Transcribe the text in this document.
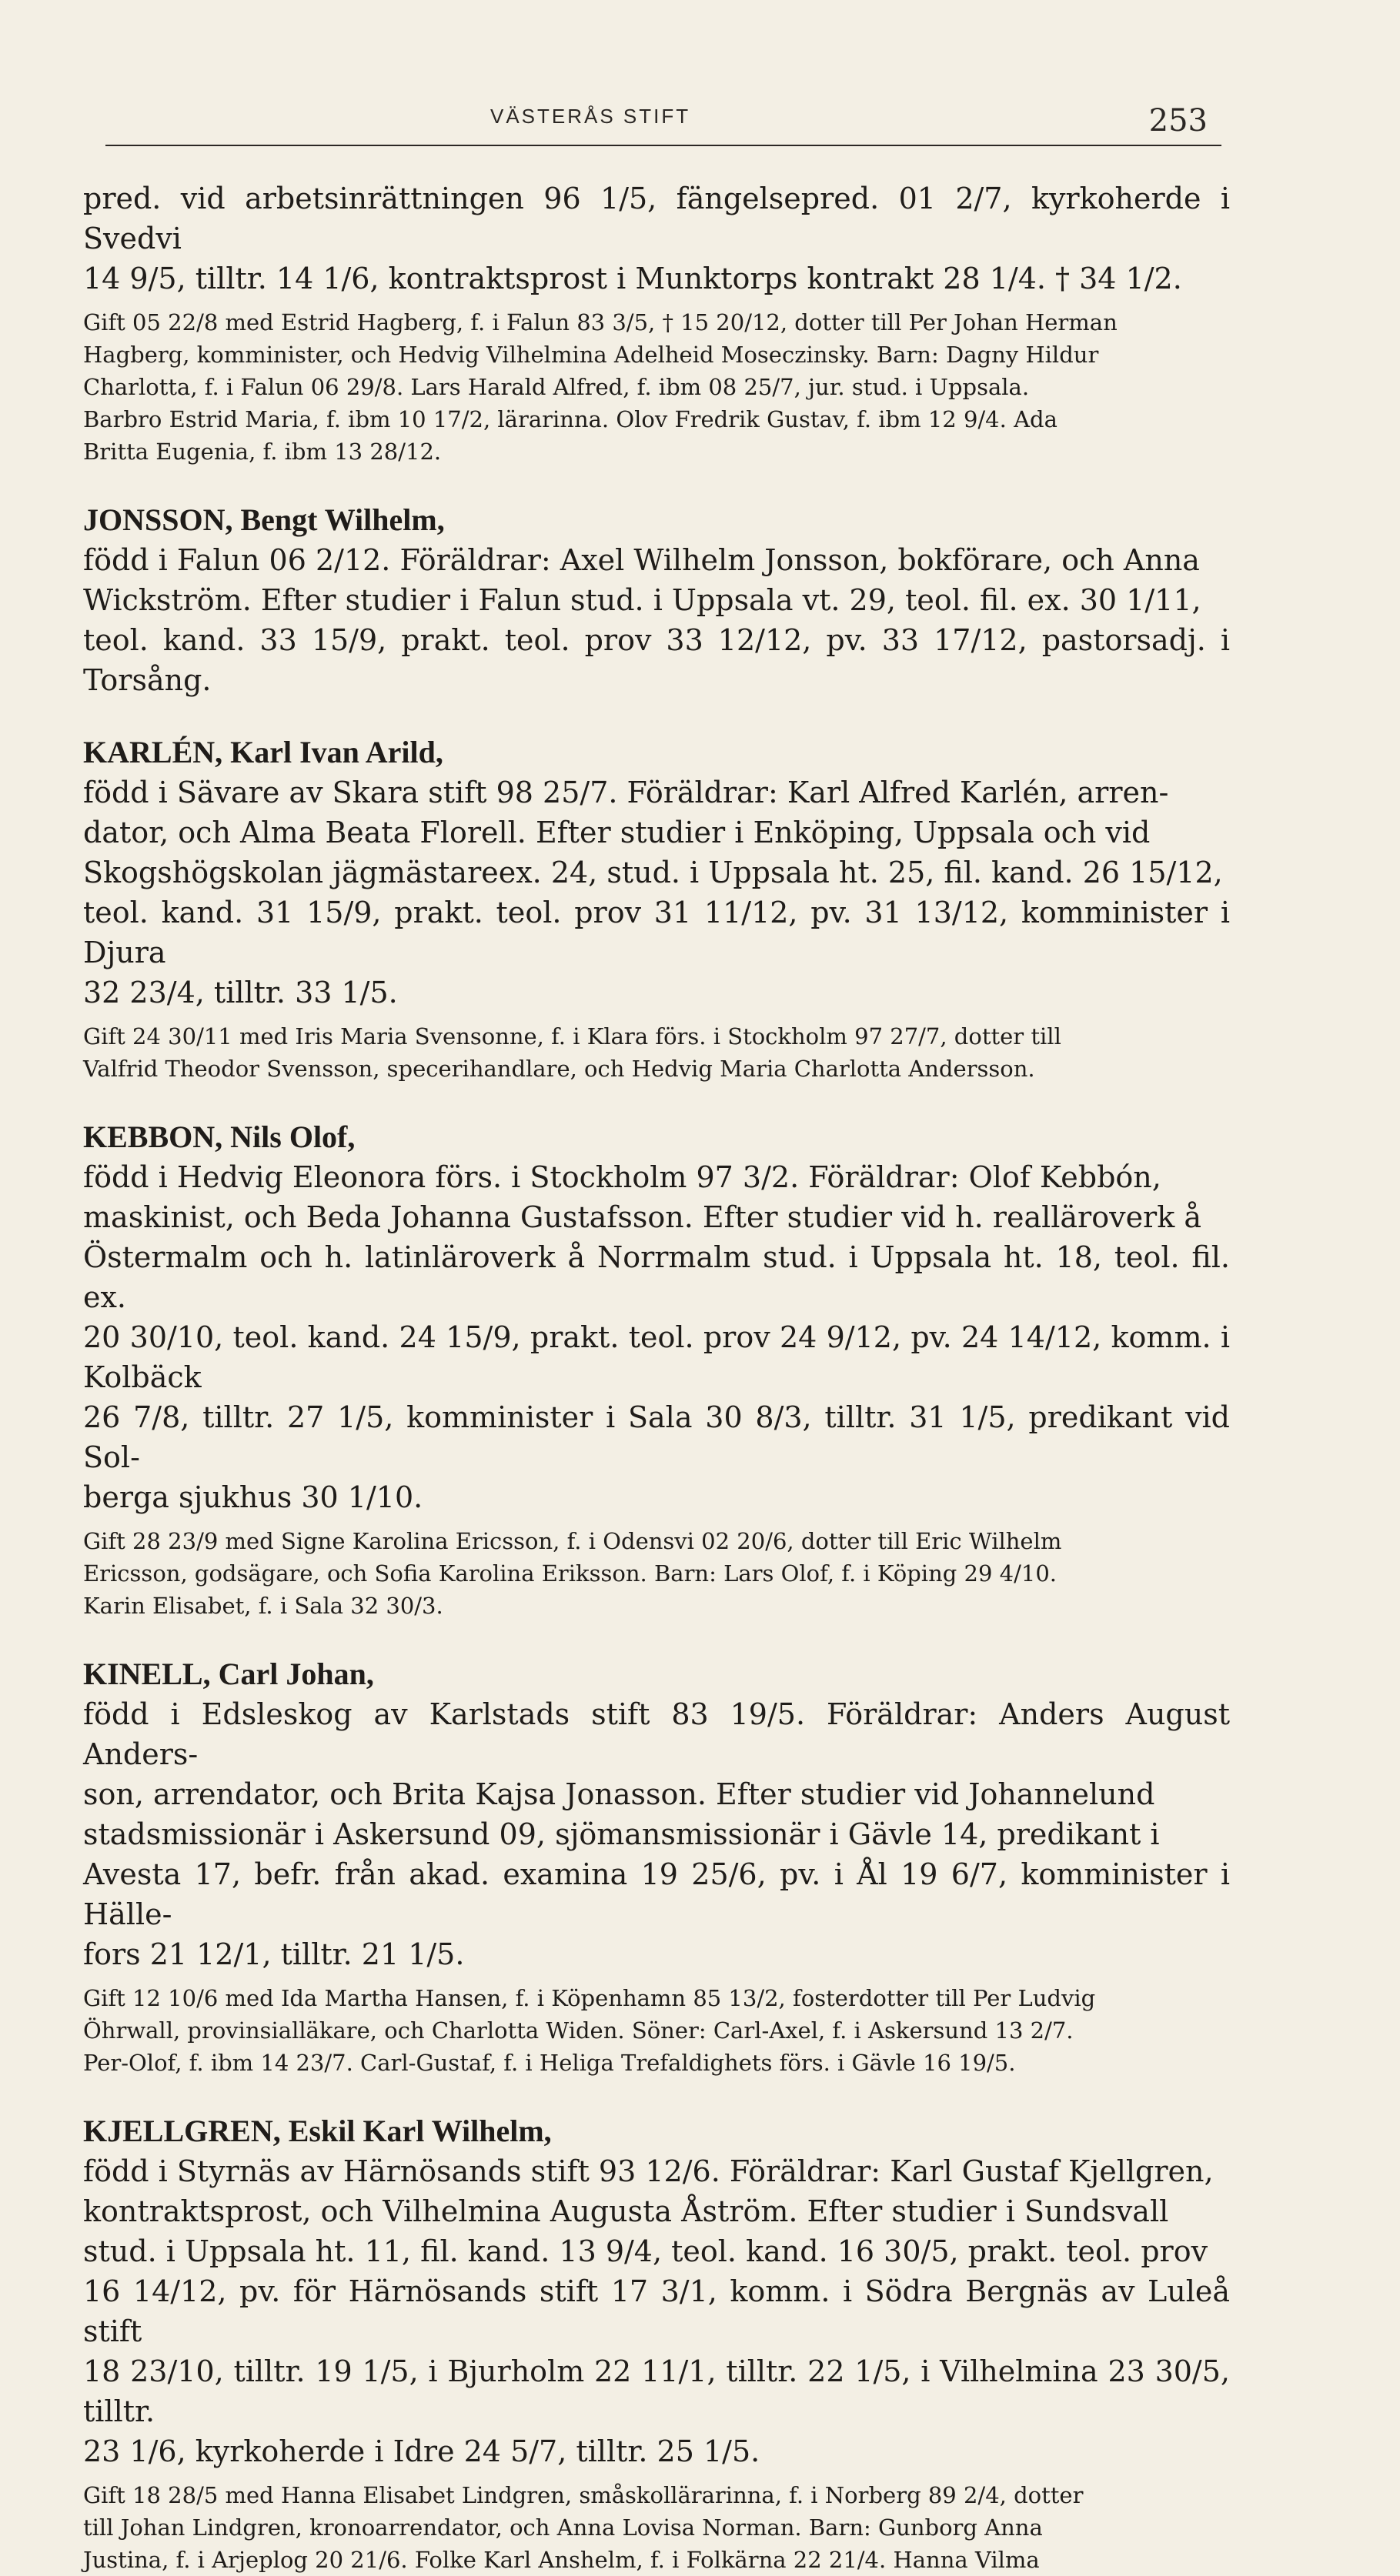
VÄSTERÅS STIFT	253

pred. vid arbetsinrättningen 96 1/5, fängelsepred. 01 2/7, kyrkoherde i Svedvi
14 9/5, tilltr. 14 1/6, kontraktsprost i Munktorps kontrakt 28 1/4. † 34 1/2.

Gift 05 22/8 med Estrid Hagberg, f. i Falun 83 3/5, † 15 20/12, dotter till Per Johan Herman
Hagberg, komminister, och Hedvig Vilhelmina Adelheid Moseczinsky. Barn: Dagny Hildur
Charlotta, f. i Falun 06 29/8. Lars Harald Alfred, f. ibm 08 25/7, jur. stud. i Uppsala.
Barbro Estrid Maria, f. ibm 10 17/2, lärarinna. Olov Fredrik Gustav, f. ibm 12 9/4. Ada
Britta Eugenia, f. ibm 13 28/12.

JONSSON, Bengt Wilhelm,

född i Falun 06 2/12. Föräldrar: Axel Wilhelm Jonsson, bokförare, och Anna
Wickström. Efter studier i Falun stud. i Uppsala vt. 29, teol. fil. ex. 30 1/11,
teol. kand. 33 15/9, prakt. teol. prov 33 12/12, pv. 33 17/12, pastorsadj. i Torsång.

KARLÉN, Karl Ivan Arild,

född i Sävare av Skara stift 98 25/7. Föräldrar: Karl Alfred Karlén, arren-
dator, och Alma Beata Florell. Efter studier i Enköping, Uppsala och vid
Skogshögskolan jägmästareex. 24, stud. i Uppsala ht. 25, fil. kand. 26 15/12,
teol. kand. 31 15/9, prakt. teol. prov 31 11/12, pv. 31 13/12, komminister i Djura
32 23/4, tilltr. 33 1/5.

Gift 24 30/11 med Iris Maria Svensonne, f. i Klara förs. i Stockholm 97 27/7, dotter till
Valfrid Theodor Svensson, specerihandlare, och Hedvig Maria Charlotta Andersson.

KEBBON, Nils Olof,

född i Hedvig Eleonora förs. i Stockholm 97 3/2. Föräldrar: Olof Kebbón,
maskinist, och Beda Johanna Gustafsson. Efter studier vid h. realläroverk å
Östermalm och h. latinläroverk å Norrmalm stud. i Uppsala ht. 18, teol. fil. ex.
20 30/10, teol. kand. 24 15/9, prakt. teol. prov 24 9/12, pv. 24 14/12, komm. i Kolbäck
26 7/8, tilltr. 27 1/5, komminister i Sala 30 8/3, tilltr. 31 1/5, predikant vid Sol-
berga sjukhus 30 1/10.

Gift 28 23/9 med Signe Karolina Ericsson, f. i Odensvi 02 20/6, dotter till Eric Wilhelm
Ericsson, godsägare, och Sofia Karolina Eriksson. Barn: Lars Olof, f. i Köping 29 4/10.
Karin Elisabet, f. i Sala 32 30/3.

KINELL, Carl Johan,

född i Edsleskog av Karlstads stift 83 19/5. Föräldrar: Anders August Anders-
son, arrendator, och Brita Kajsa Jonasson. Efter studier vid Johannelund
stadsmissionär i Askersund 09, sjömansmissionär i Gävle 14, predikant i
Avesta 17, befr. från akad. examina 19 25/6, pv. i Ål 19 6/7, komminister i Hälle-
fors 21 12/1, tilltr. 21 1/5.

Gift 12 10/6 med Ida Martha Hansen, f. i Köpenhamn 85 13/2, fosterdotter till Per Ludvig
Öhrwall, provinsialläkare, och Charlotta Widen. Söner: Carl-Axel, f. i Askersund 13 2/7.
Per-Olof, f. ibm 14 23/7. Carl-Gustaf, f. i Heliga Trefaldighets förs. i Gävle 16 19/5.

KJELLGREN, Eskil Karl Wilhelm,

född i Styrnäs av Härnösands stift 93 12/6. Föräldrar: Karl Gustaf Kjellgren,
kontraktsprost, och Vilhelmina Augusta Åström. Efter studier i Sundsvall
stud. i Uppsala ht. 11, fil. kand. 13 9/4, teol. kand. 16 30/5, prakt. teol. prov
16 14/12, pv. för Härnösands stift 17 3/1, komm. i Södra Bergnäs av Luleå stift
18 23/10, tilltr. 19 1/5, i Bjurholm 22 11/1, tilltr. 22 1/5, i Vilhelmina 23 30/5, tilltr.
23 1/6, kyrkoherde i Idre 24 5/7, tilltr. 25 1/5.

Gift 18 28/5 med Hanna Elisabet Lindgren, småskollärarinna, f. i Norberg 89 2/4, dotter
till Johan Lindgren, kronoarrendator, och Anna Lovisa Norman. Barn: Gunborg Anna
Justina, f. i Arjeplog 20 21/6. Folke Karl Anshelm, f. i Folkärna 22 21/4. Hanna Vilma
